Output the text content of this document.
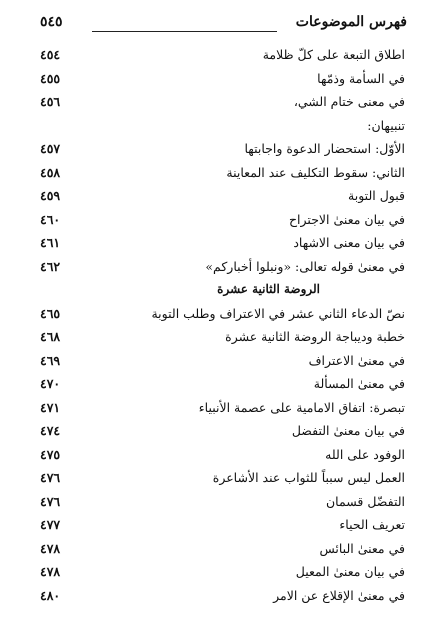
فهرس الموضوعات
٥٤٥
اطلاق التبعة على كلّ ظلامة
٤٥٤
في السأمة وذمّها
٤٥٥
في معنى ختام الشي،
٤٥٦
تنبيهان:
الأوّل: استحضار الدعوة واجابتها
٤٥٧
الثاني: سقوط التكليف عند المعاينة
٤٥٨
قبول التوبة
٤٥٩
في بيان معنىٰ الاجتراح
٤٦٠
في بيان معنى الاشهاد
٤٦١
في معنىٰ قوله تعالى: «ونبلوا أخباركم»
٤٦٢
الروضة الثانية عشرة
نصّ الدعاء الثاني عشر في الاعتراف وطلب التوبة
٤٦٥
خطبة وديباجة الروضة الثانية عشرة
٤٦٨
في معنىٰ الاعتراف
٤٦٩
في معنىٰ المسألة
٤٧٠
تبصرة: اتفاق الامامية على عصمة الأنبياء
٤٧١
في بيان معنىٰ التفضل
٤٧٤
الوفود على الله
٤٧٥
العمل ليس سبباً للثواب عند الأشاعرة
٤٧٦
التفضّل قسمان
٤٧٦
تعريف الحياء
٤٧٧
في معنىٰ البائس
٤٧٨
في بيان معنىٰ المعيل
٤٧٨
في معنىٰ الإقلاع عن الامر
٤٨٠
